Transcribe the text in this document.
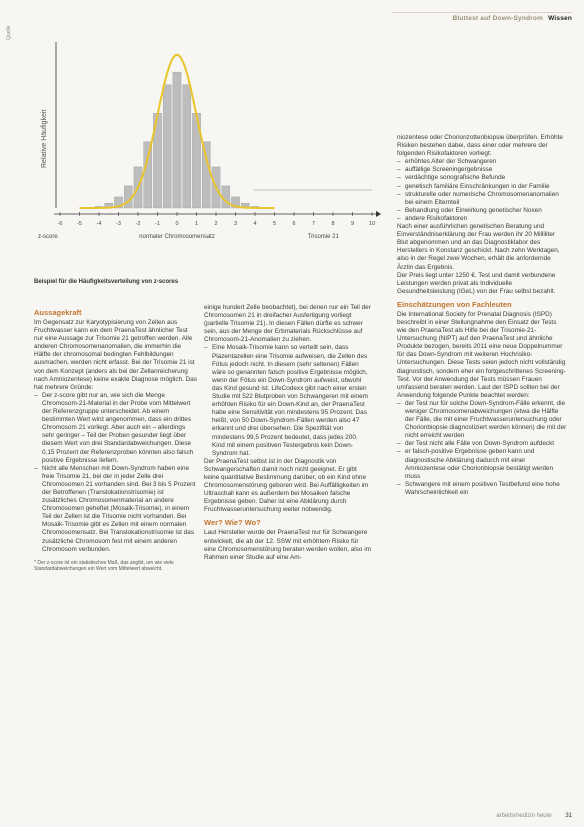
Bluttest auf Down-Syndrom Wissen
Quelle
Relative Häufigkeit
-6	-5	-4	-3	-2	-1	0	1	2	3	4	5	6	7	8	9	10
z-score	normaler Chromosomensatz	Trisomie 21
Beispiel für die Häufigkeitsverteilung von z-scores
Aussagekraft

Im Gegensatz zur Karyotypisierung von Zellen aus Fruchtwasser kann ein dem PraenaTest ähnlicher Test nur eine Aussage zur Trisomie 21 getroffen werden. Alle anderen Chromosomenanomalien, die immerhin die Hälfte der chromosomal bedingten Fehlbildungen ausmachen, werden nicht erfasst. Bei der Trisomie 21 ist von dem Konzept (anders als bei der Zellanreicherung nach Amniozentese) keine exakte Diagnose möglich. Das hat mehrere Gründe:

– Der z-score gibt nur an, wie sich die Menge Chromosom-21-Material in der Probe vom Mittelwert der Referenzgruppe unterscheidet. Ab einem bestimmten Wert wird angenommen, dass ein drittes Chromosom 21 vorliegt. Aber auch ein – allerdings sehr geringer – Teil der Proben gesunder liegt über diesem Wert von drei Standardabweichungen. Diese 0,15 Prozent der Referenzproben könnten also falsch positive Ergebnisse liefern.
– Nicht alle Menschen mit Down-Syndrom haben eine freie Trisomie 21, bei der in jeder Zelle drei Chromosomen 21 vorhanden sind. Bei 3 bis 5 Prozent der Betroffenen (Translokationstrisomie) ist zusätzliches Chromosomenmaterial an andere Chromosomen geheftet (Mosaik-Trisomie), in einem Teil der Zellen ist die Trisomie nicht vorhanden. Bei Mosaik-Trisomie gibt es Zellen mit einem normalen Chromosomensatz. Bei Translokationstrisomie ist das zusätzliche Chromosom fest mit einem anderen Chromosom verbunden.

* Der z-score ist ein statistisches Maß, das angibt, um wie viele Standardabweichungen ein Wert vom Mittelwert abweicht.

einige hundert Zelle beobachtet), bei denen nur ein Teil der Chromosomen 21 in dreifacher Ausfertigung vorliegt (partielle Trisomie 21). In diesen Fällen dürfte es schwer sein, aus der Menge der Erbmaterials Rückschlüsse auf Chromosom-21-Anomalien zu ziehen.

– Eine Mosaik-Trisomie kann so verteilt sein, dass Plazentazellen eine Trisomie aufweisen, die Zellen des Fötus jedoch nicht. In diesem (sehr seltenen) Fällen wäre so genannten falsch positive Ergebnisse möglich, wenn der Fötus ein Down-Syndrom aufweist, obwohl das Kind gesund ist. LifeCodexx gibt nach einer ersten Studie mit 522 Blutproben von Schwangeren mit einem erhöhten Risiko für ein Down-Kind an, der PraenaTest habe eine Sensitivität von mindestens 95 Prozent. Das heißt, von 50 Down-Syndrom-Fällen werden also 47 erkannt und drei übersehen. Die Spezifität von mindestens 99,5 Prozent bedeutet, dass jedes 200. Kind mit einem positiven Testergebnis kein Down-Syndrom hat.

Der PraenaTest selbst ist in der Diagnostik von Schwangerschaften damit noch nicht geeignet. Er gibt keine quantitative Bestimmung darüber, ob ein Kind ohne Chromosomenstörung geboren wird. Bei Auffälligkeiten im Ultraschall kann es außerdem bei Mosaiken falsche Ergebnisse geben. Daher ist eine Abklärung durch Fruchtwasseruntersuchung weiter notwendig.

Wer? Wie? Wo?

Laut Hersteller wurde der PraenaTest nur für Schwangere entwickelt, die ab der 12. SSW mit erhöhtem Risiko für eine Chromosomenstörung beraten werden wollen, also im Rahmen einer Studie auf eine Am-

niozentese oder Chorionzottenbiopsie überprüfen. Erhöhte Risiken bestehen dabei, dass einer oder mehrere der folgenden Risikofaktoren vorliegt:

– erhöhtes Alter der Schwangeren
– auffällige Screeningergebnisse
– verdächtige sonografische Befunde
– genetisch familiäre Einschränkungen in der Familie
– strukturelle oder numerische Chromosomenanomalien bei einem Elternteil
– Behandlung oder Einwirkung genetischer Noxen
– andere Risikofaktoren

Nach einer ausführlichen genetischen Beratung und Einverständniserklärung der Frau werden ihr 20 Milliliter Blut abgenommen und an das Diagnostiklabor des Herstellers in Konstanz geschickt. Nach zehn Werktagen, also in der Regel zwei Wochen, erhält die anfordernde Ärztin das Ergebnis.

Der Preis liegt unter 1250 €. Test und damit verbundene Leistungen werden privat als Individuelle Gesundheitsleistung (IGeL) von der Frau selbst bezahlt.

Einschätzungen von Fachleuten

Die International Society for Prenatal Diagnosis (ISPD) beschreibt in einer Stellungnahme den Einsatz der Tests wie den PraenaTest als Hilfe bei der Trisomie-21-Untersuchung (NIPT) auf den PraenaTest und ähnliche Produkte bezogen, bereits 2011 eine neue Doppelnummer für das Down-Syndrom mit weiteren Hochrisiko-Untersuchungen. Diese Tests seien jedoch nicht vollständig diagnostisch, sondern eher ein fortgeschrittenes Screening-Test. Vor der Anwendung der Tests müssen Frauen umfassend beraten werden. Laut der ISPD sollten bei der Anwendung folgende Punkte beachtet werden:

– der Test nur für solche Down-Syndrom-Fälle erkennt, die weniger Chromosomenabweichungen (etwa die Hälfte der Fälle, die mit einer Fruchtwasseruntersuchung oder Chorionbiopsie diagnostiziert werden können) die mit der nicht erreicht werden
– der Test nicht alle Fälle von Down-Syndrom aufdeckt
– er falsch-positive Ergebnisse geben kann und diagnostische Abklärung dadurch mit einer Amniozentese oder Chorionbiopsie bestätigt werden muss
– Schwangere mit einem positiven Testbefund eine hohe Wahrscheinlichkeit ein
arbeitsmedizin heute 31
